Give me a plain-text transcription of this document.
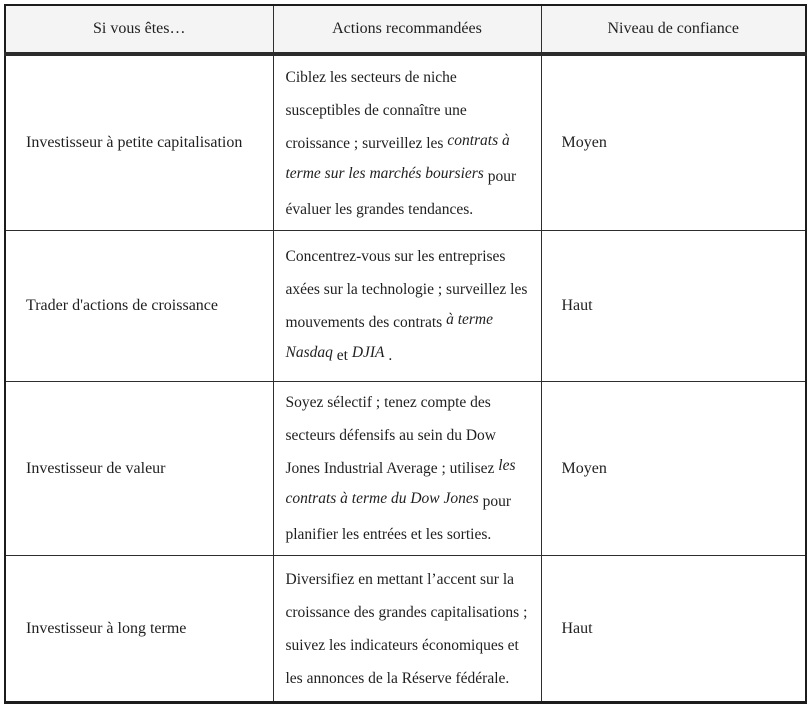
Si vous êtes…	Actions recommandées	Niveau de confiance
Investisseur à petite capitalisation	Ciblez les secteurs de niche susceptibles de connaître une croissance ; surveillez les contrats à terme sur les marchés boursiers pour évaluer les grandes tendances.	Moyen
Trader d'actions de croissance	Concentrez-vous sur les entreprises axées sur la technologie ; surveillez les mouvements des contrats à terme Nasdaq et DJIA .	Haut
Investisseur de valeur	Soyez sélectif ; tenez compte des secteurs défensifs au sein du Dow Jones Industrial Average ; utilisez les contrats à terme du Dow Jones pour planifier les entrées et les sorties.	Moyen
Investisseur à long terme	Diversifiez en mettant l’accent sur la croissance des grandes capitalisations ; suivez les indicateurs économiques et les annonces de la Réserve fédérale.	Haut
